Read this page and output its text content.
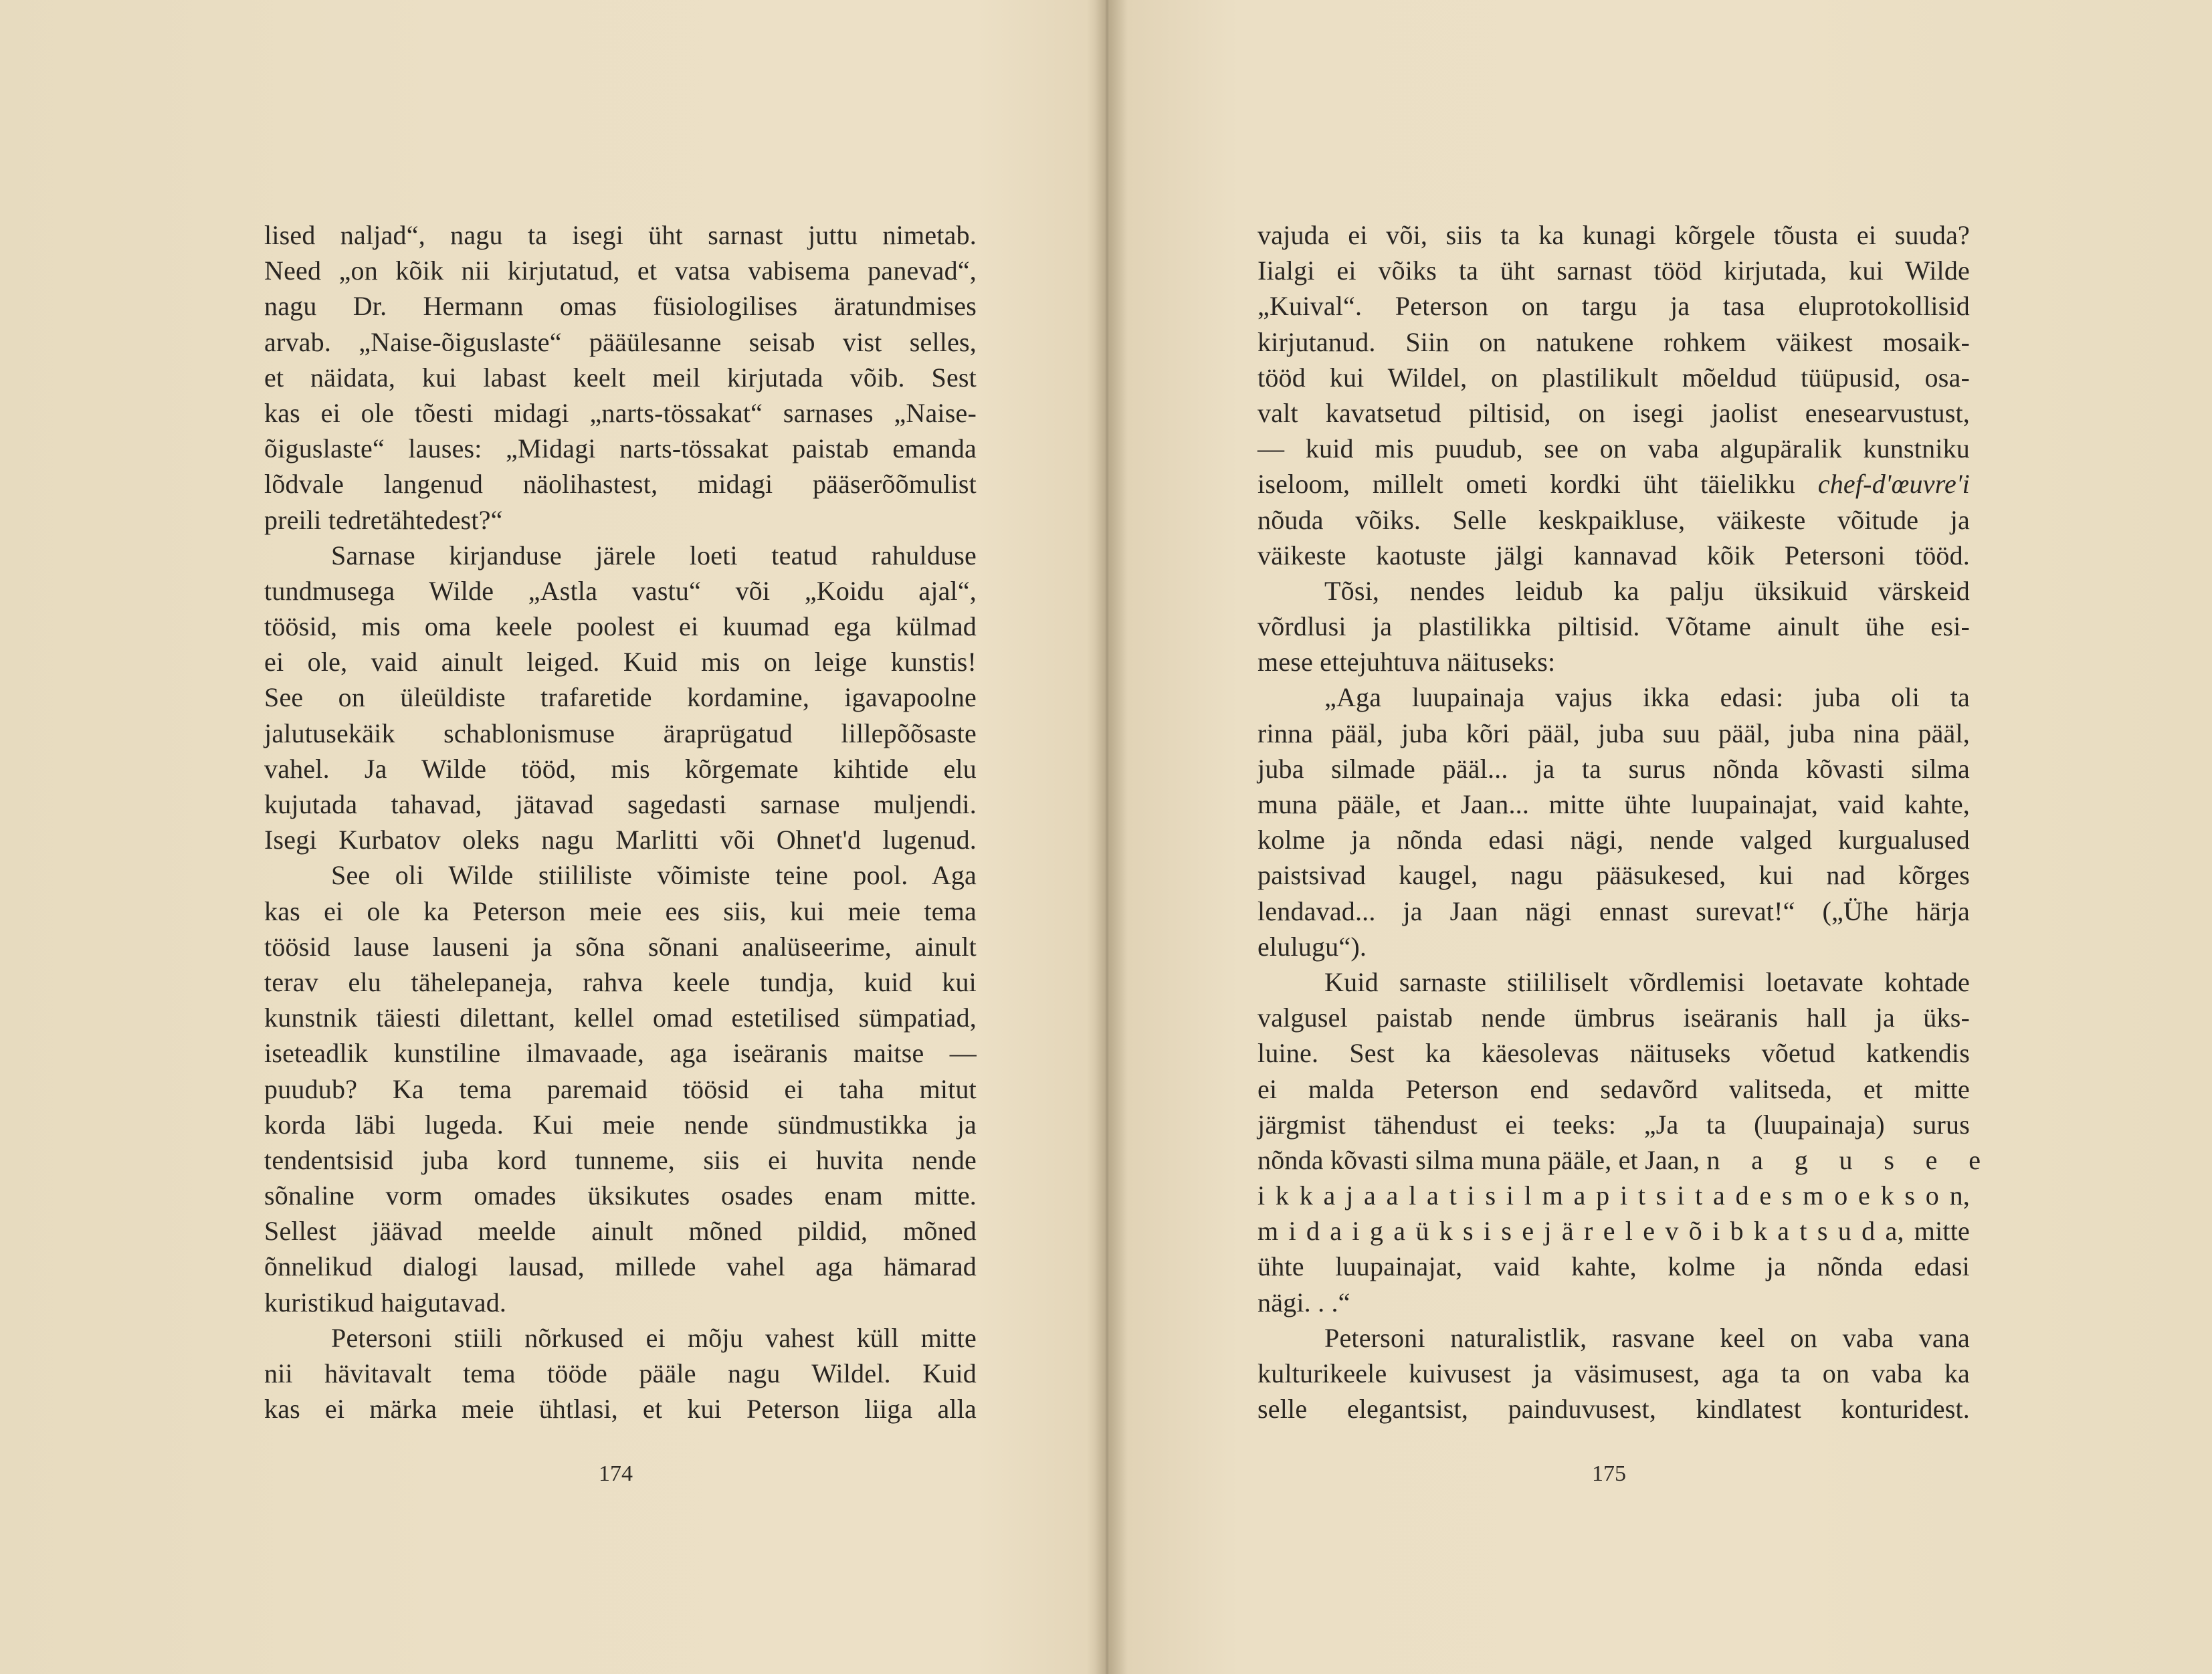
lised naljad“, nagu ta isegi üht sarnast juttu nimetab.
Need „on kõik nii kirjutatud, et vatsa vabisema panevad“,
nagu Dr. Hermann omas füsiologilises äratundmises
arvab. „Naise-õiguslaste“ pääülesanne seisab vist selles,
et näidata, kui labast keelt meil kirjutada võib. Sest
kas ei ole tõesti midagi „narts-tössakat“ sarnases „Naise-
õiguslaste“ lauses: „Midagi narts-tössakat paistab emanda
lõdvale langenud näolihastest, midagi pääserõõmulist
preili tedretähtedest?“
Sarnase kirjanduse järele loeti teatud rahulduse
tundmusega Wilde „Astla vastu“ või „Koidu ajal“,
töösid, mis oma keele poolest ei kuumad ega külmad
ei ole, vaid ainult leiged. Kuid mis on leige kunstis!
See on üleüldiste trafaretide kordamine, igavapoolne
jalutusekäik schablonismuse äraprügatud lillepõõsaste
vahel. Ja Wilde tööd, mis kõrgemate kihtide elu
kujutada tahavad, jätavad sagedasti sarnase muljendi.
Isegi Kurbatov oleks nagu Marlitti või Ohnet'd lugenud.
See oli Wilde stiililiste võimiste teine pool. Aga
kas ei ole ka Peterson meie ees siis, kui meie tema
töösid lause lauseni ja sõna sõnani analüseerime, ainult
terav elu tähelepaneja, rahva keele tundja, kuid kui
kunstnik täiesti dilettant, kellel omad estetilised sümpatiad,
iseteadlik kunstiline ilmavaade, aga iseäranis maitse —
puudub? Ka tema paremaid töösid ei taha mitut
korda läbi lugeda. Kui meie nende sündmustikka ja
tendentsisid juba kord tunneme, siis ei huvita nende
sõnaline vorm omades üksikutes osades enam mitte.
Sellest jäävad meelde ainult mõned pildid, mõned
õnnelikud dialogi lausad, millede vahel aga hämarad
kuristikud haigutavad.
Petersoni stiili nõrkused ei mõju vahest küll mitte
nii hävitavalt tema tööde pääle nagu Wildel. Kuid
kas ei märka meie ühtlasi, et kui Peterson liiga alla
174
vajuda ei või, siis ta ka kunagi kõrgele tõusta ei suuda?
Iialgi ei võiks ta üht sarnast tööd kirjutada, kui Wilde
„Kuival“. Peterson on targu ja tasa eluprotokollisid
kirjutanud. Siin on natukene rohkem väikest mosaik-
tööd kui Wildel, on plastilikult mõeldud tüüpusid, osa-
valt kavatsetud piltisid, on isegi jaolist enesearvustust,
— kuid mis puudub, see on vaba algupäralik kunstniku
iseloom, millelt ometi kordki üht täielikku chef-d'œuvre'i
nõuda võiks. Selle keskpaikluse, väikeste võitude ja
väikeste kaotuste jälgi kannavad kõik Petersoni tööd.
Tõsi, nendes leidub ka palju üksikuid värskeid
võrdlusi ja plastilikka piltisid. Võtame ainult ühe esi-
mese ettejuhtuva näituseks:
„Aga luupainaja vajus ikka edasi: juba oli ta
rinna pääl, juba kõri pääl, juba suu pääl, juba nina pääl,
juba silmade pääl... ja ta surus nõnda kõvasti silma
muna pääle, et Jaan... mitte ühte luupainajat, vaid kahte,
kolme ja nõnda edasi nägi, nende valged kurgualused
paistsivad kaugel, nagu pääsukesed, kui nad kõrges
lendavad... ja Jaan nägi ennast surevat!“ („Ühe härja
elulugu“).
Kuid sarnaste stiililiselt võrdlemisi loetavate kohtade
valgusel paistab nende ümbrus iseäranis hall ja üks-
luine. Sest ka käesolevas näituseks võetud katkendis
ei malda Peterson end sedavõrd valitseda, et mitte
järgmist tähendust ei teeks: „Ja ta (luupainaja) surus
nõnda kõvasti silma muna pääle, et Jaan, n a g u s e e
i k k a j a a l a t i s i l m a p i t s i t a d e s m o e k s o n,
m i d a i g a ü k s i s e j ä r e l e v õ i b k a t s u d a, mitte
ühte luupainajat, vaid kahte, kolme ja nõnda edasi
nägi. . .“
Petersoni naturalistlik, rasvane keel on vaba vana
kulturikeele kuivusest ja väsimusest, aga ta on vaba ka
selle elegantsist, painduvusest, kindlatest konturidest.
175
